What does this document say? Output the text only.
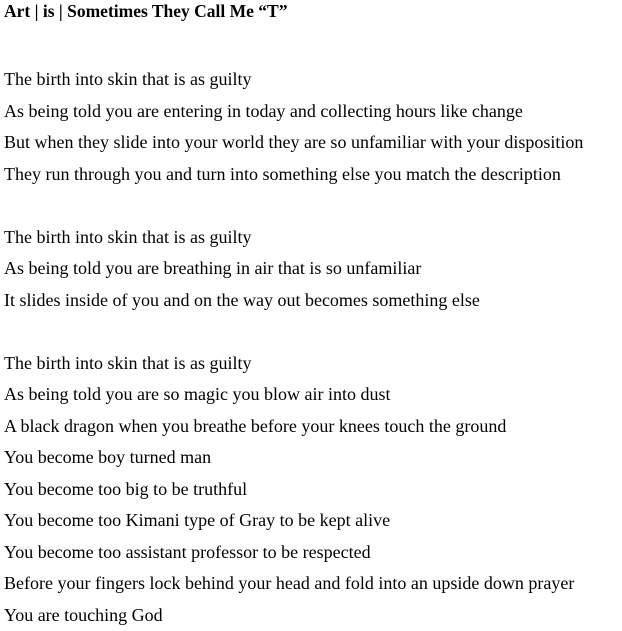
Art | is | Sometimes They Call Me “T”

The birth into skin that is as guilty

As being told you are entering in today and collecting hours like change

But when they slide into your world they are so unfamiliar with your disposition

They run through you and turn into something else you match the description

The birth into skin that is as guilty

As being told you are breathing in air that is so unfamiliar

It slides inside of you and on the way out becomes something else

The birth into skin that is as guilty

As being told you are so magic you blow air into dust

A black dragon when you breathe before your knees touch the ground

You become boy turned man

You become too big to be truthful

You become too Kimani type of Gray to be kept alive

You become too assistant professor to be respected

Before your fingers lock behind your head and fold into an upside down prayer

You are touching God
